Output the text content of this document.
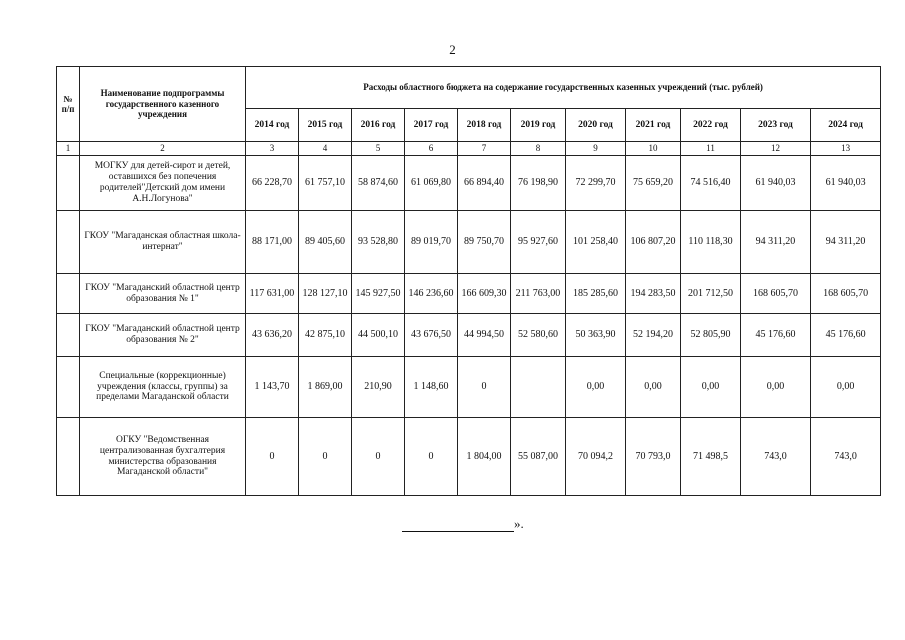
2
№ п/п	Наименование подпрограммы государственного казенного учреждения	Расходы областного бюджета на содержание государственных казенных учреждений (тыс. рублей)										
		2014 год	2015 год	2016 год	2017 год	2018 год	2019 год	2020 год	2021 год	2022 год	2023 год	2024 год
1	2	3	4	5	6	7	8	9	10	11	12	13
	МОГКУ для детей-сирот и детей, оставшихся без попечения родителей"Детский дом имени А.Н.Логунова"	66 228,70	61 757,10	58 874,60	61 069,80	66 894,40	76 198,90	72 299,70	75 659,20	74 516,40	61 940,03	61 940,03
	ГКОУ "Магаданская областная школа-интернат"	88 171,00	89 405,60	93 528,80	89 019,70	89 750,70	95 927,60	101 258,40	106 807,20	110 118,30	94 311,20	94 311,20
	ГКОУ "Магаданский областной центр образования № 1"	117 631,00	128 127,10	145 927,50	146 236,60	166 609,30	211 763,00	185 285,60	194 283,50	201 712,50	168 605,70	168 605,70
	ГКОУ "Магаданский областной центр образования № 2"	43 636,20	42 875,10	44 500,10	43 676,50	44 994,50	52 580,60	50 363,90	52 194,20	52 805,90	45 176,60	45 176,60
	Специальные (коррекционные) учреждения (классы, группы) за пределами Магаданской области	1 143,70	1 869,00	210,90	1 148,60	0		0,00	0,00	0,00	0,00	0,00
	ОГКУ "Ведомственная централизованная бухгалтерия министерства образования Магаданской области"	0	0	0	0	1 804,00	55 087,00	70 094,2	70 793,0	71 498,5	743,0	743,0
».
